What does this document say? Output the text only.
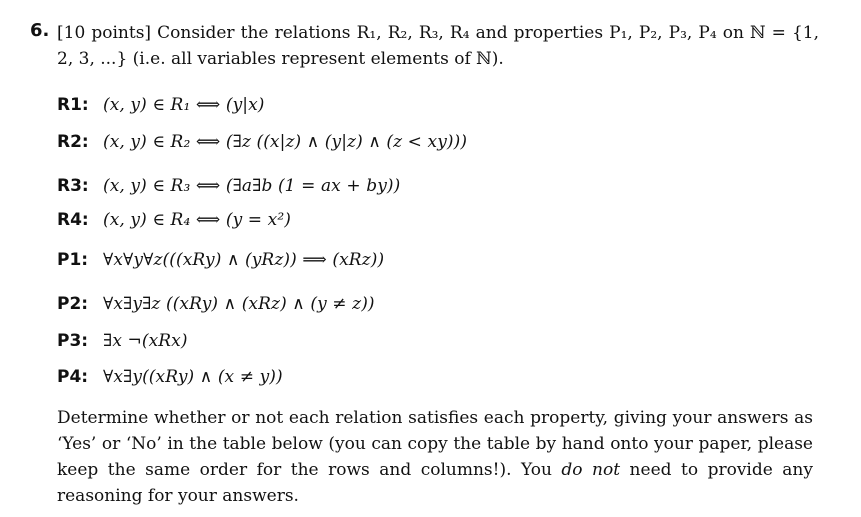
6. [10 points] Consider the relations R₁, R₂, R₃, R₄ and properties P₁, P₂, P₃, P₄ on ℕ = {1, 2, 3, ...} (i.e. all variables represent elements of ℕ).
R1: (x, y) ∈ R₁ ⟺ (y|x)
R2: (x, y) ∈ R₂ ⟺ (∃z ((x|z) ∧ (y|z) ∧ (z < xy)))
R3: (x, y) ∈ R₃ ⟺ (∃a∃b (1 = ax + by))
R4: (x, y) ∈ R₄ ⟺ (y = x²)
P1: ∀x∀y∀z(((xRy) ∧ (yRz)) ⟹ (xRz))
P2: ∀x∃y∃z ((xRy) ∧ (xRz) ∧ (y ≠ z))
P3: ∃x ¬(xRx)
P4: ∀x∃y((xRy) ∧ (x ≠ y))
Determine whether or not each relation satisfies each property, giving your answers as ‘Yes’ or ‘No’ in the table below (you can copy the table by hand onto your paper, please keep the same order for the rows and columns!). You do not need to provide any reasoning for your answers.
